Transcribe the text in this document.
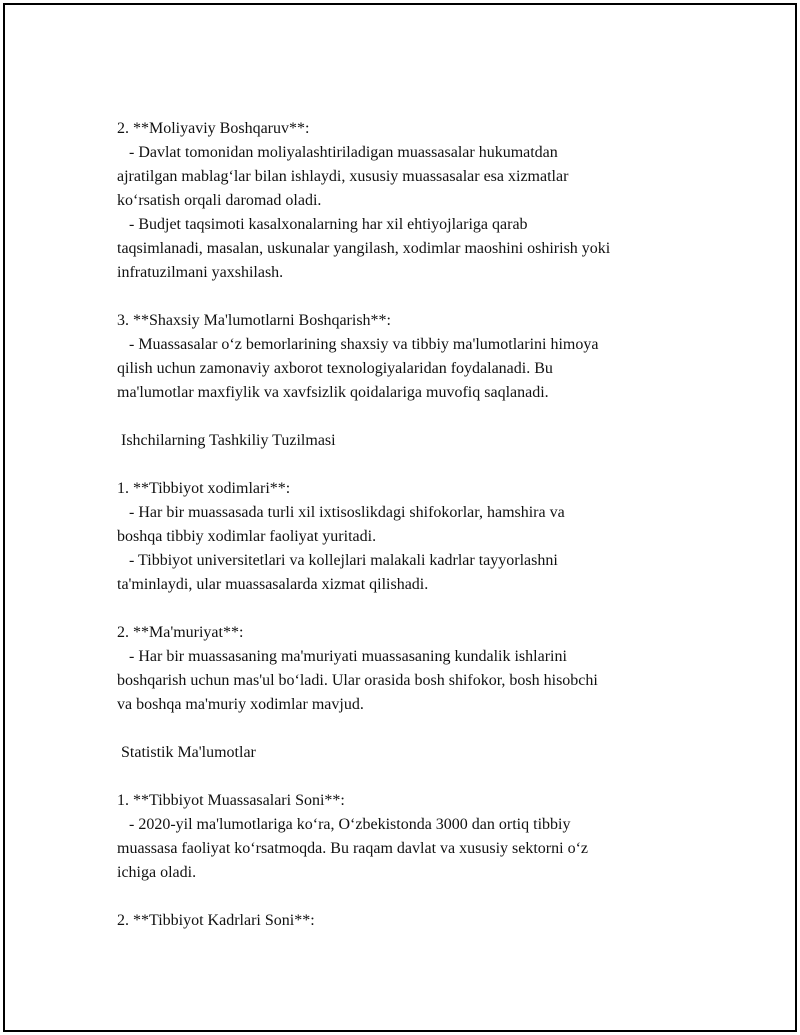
2. **Moliyaviy Boshqaruv**:
- Davlat tomonidan moliyalashtiriladigan muassasalar hukumatdan
ajratilgan mablag‘lar bilan ishlaydi, xususiy muassasalar esa xizmatlar
ko‘rsatish orqali daromad oladi.
- Budjet taqsimoti kasalxonalarning har xil ehtiyojlariga qarab
taqsimlanadi, masalan, uskunalar yangilash, xodimlar maoshini oshirish yoki
infratuzilmani yaxshilash.
3. **Shaxsiy Ma'lumotlarni Boshqarish**:
- Muassasalar o‘z bemorlarining shaxsiy va tibbiy ma'lumotlarini himoya
qilish uchun zamonaviy axborot texnologiyalaridan foydalanadi. Bu
ma'lumotlar maxfiylik va xavfsizlik qoidalariga muvofiq saqlanadi.
Ishchilarning Tashkiliy Tuzilmasi
1. **Tibbiyot xodimlari**:
- Har bir muassasada turli xil ixtisoslikdagi shifokorlar, hamshira va
boshqa tibbiy xodimlar faoliyat yuritadi.
- Tibbiyot universitetlari va kollejlari malakali kadrlar tayyorlashni
ta'minlaydi, ular muassasalarda xizmat qilishadi.
2. **Ma'muriyat**:
- Har bir muassasaning ma'muriyati muassasaning kundalik ishlarini
boshqarish uchun mas'ul bo‘ladi. Ular orasida bosh shifokor, bosh hisobchi
va boshqa ma'muriy xodimlar mavjud.
Statistik Ma'lumotlar
1. **Tibbiyot Muassasalari Soni**:
- 2020-yil ma'lumotlariga ko‘ra, O‘zbekistonda 3000 dan ortiq tibbiy
muassasa faoliyat ko‘rsatmoqda. Bu raqam davlat va xususiy sektorni o‘z
ichiga oladi.
2. **Tibbiyot Kadrlari Soni**:
